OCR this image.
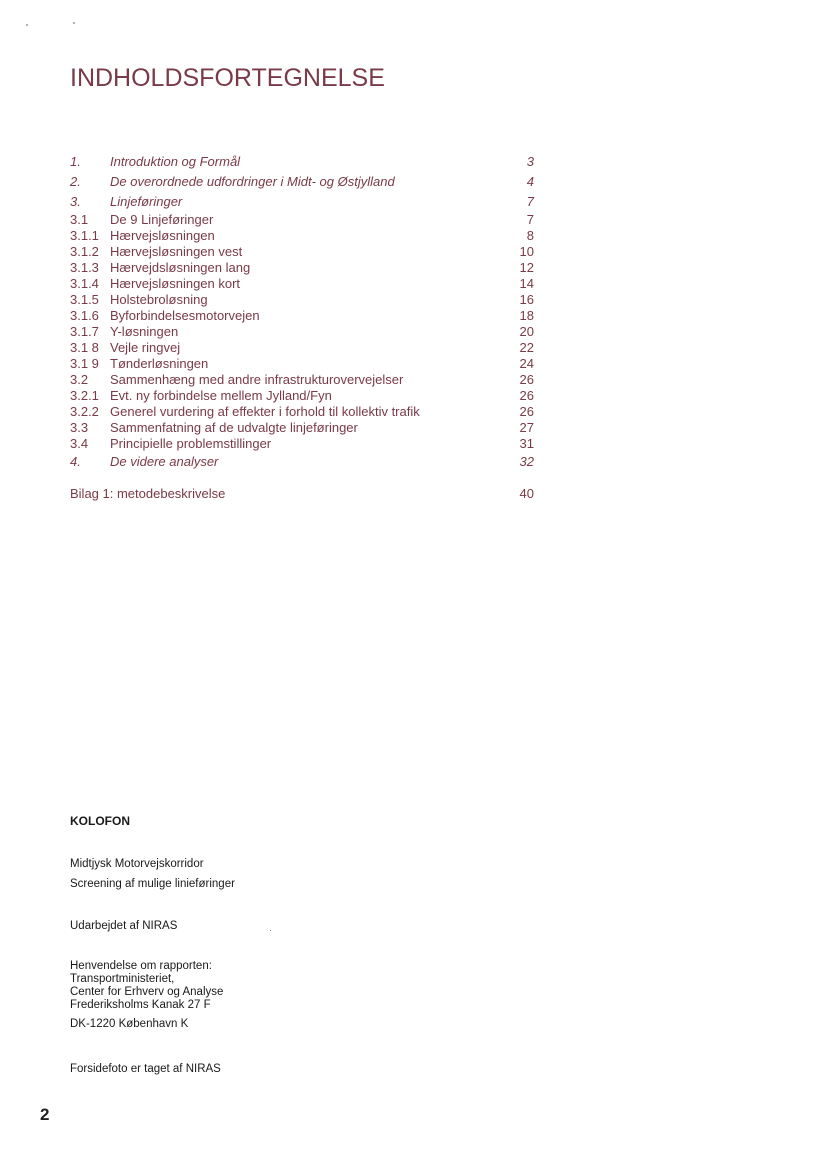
INDHOLDSFORTEGNELSE
1. Introduktion og Formål	3
2. De overordnede udfordringer i Midt- og Østjylland	4
3. Linjeføringer	7
3.1 De 9 Linjeføringer	7
3.1.1 Hærvejsløsningen	8
3.1.2 Hærvejsløsningen vest	10
3.1.3 Hærvejdsløsningen lang	12
3.1.4 Hærvejsløsningen kort	14
3.1.5 Holstebroløsning	16
3.1.6 Byforbindelsesmotorvejen	18
3.1.7 Y-løsningen	20
3.1 8 Vejle ringvej	22
3.1 9 Tønderløsningen	24
3.2 Sammenhæng med andre infrastrukturovervejelser	26
3.2.1 Evt. ny forbindelse mellem Jylland/Fyn	26
3.2.2 Generel vurdering af effekter i forhold til kollektiv trafik	26
3.3 Sammenfatning af de udvalgte linjeføringer	27
3.4 Principielle problemstillinger	31
4. De videre analyser	32
Bilag 1: metodebeskrivelse	40

KOLOFON

Midtjysk Motorvejskorridor

Screening af mulige linieføringer

Udarbejdet af NIRAS

Henvendelse om rapporten:

Transportministeriet,

Center for Erhverv og Analyse

Frederiksholms Kanak 27 F

DK-1220 København K

Forsidefoto er taget af NIRAS

2
